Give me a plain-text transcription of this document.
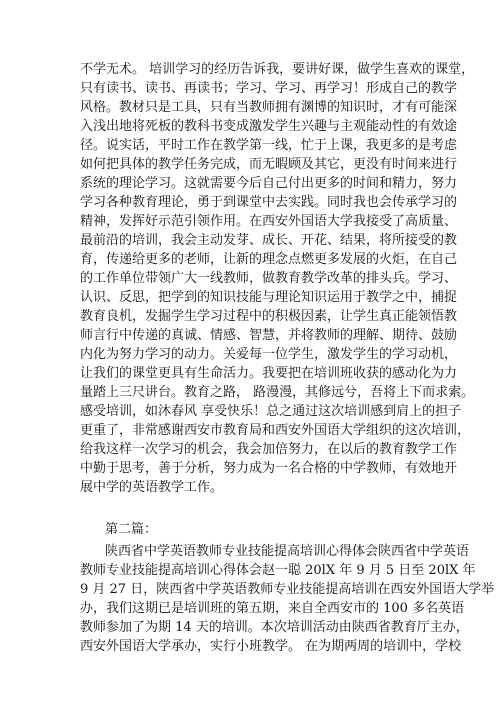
不学无术。 培训学习的经历告诉我，要讲好课，做学生喜欢的课堂，
只有读书、读书、再读书；学习、学习、再学习！形成自己的教学
风格。教材只是工具，只有当教师拥有渊博的知识时，才有可能深
入浅出地将死板的教科书变成激发学生兴趣与主观能动性的有效途
径。说实话，平时工作在教学第一线，忙于上课，我更多的是考虑
如何把具体的教学任务完成，而无暇顾及其它，更没有时间来进行
系统的理论学习。这就需要今后自己付出更多的时间和精力，努力
学习各种教育理论，勇于到课堂中去实践。同时我也会传承学习的
精神，发挥好示范引领作用。在西安外国语大学我接受了高质量、
最前沿的培训，我会主动发芽、成长、开花、结果，将所接受的教
育，传递给更多的老师，让新的理念点燃更多发展的火炬，在自己
的工作单位带领广大一线教师，做教育教学改革的排头兵。学习、
认识、反思，把学到的知识技能与理论知识运用于教学之中，捕捉
教育良机，发掘学生学习过程中的积极因素，让学生真正能领悟教
师言行中传递的真诚、情感、智慧，并将教师的理解、期待、鼓励
内化为努力学习的动力。关爱每一位学生，激发学生的学习动机，
让我们的课堂更具有生命活力。我要把在培训班收获的感动化为力
量踏上三尺讲台。教育之路， 路漫漫，其修远兮，吾将上下而求索。
感受培训，如沐春风 享受快乐！总之通过这次培训感到肩上的担子
更重了，非常感谢西安市教育局和西安外国语大学组织的这次培训，
给我这样一次学习的机会，我会加倍努力，在以后的教育教学工作
中勤于思考，善于分析，努力成为一名合格的中学教师，有效地开
展中学的英语教学工作。
第二篇：
陕西省中学英语教师专业技能提高培训心得体会陕西省中学英语
教师专业技能提高培训心得体会赵一聪 20lX 年 9 月 5 日至 20lX 年
9 月 27 日，陕西省中学英语教师专业技能提高培训在西安外国语大学举
办，我们这期已是培训班的第五期，来自全西安市的 100 多名英语
教师参加了为期 14 天的培训。本次培训活动由陕西省教育厅主办，
西安外国语大学承办，实行小班教学。 在为期两周的培训中，学校
